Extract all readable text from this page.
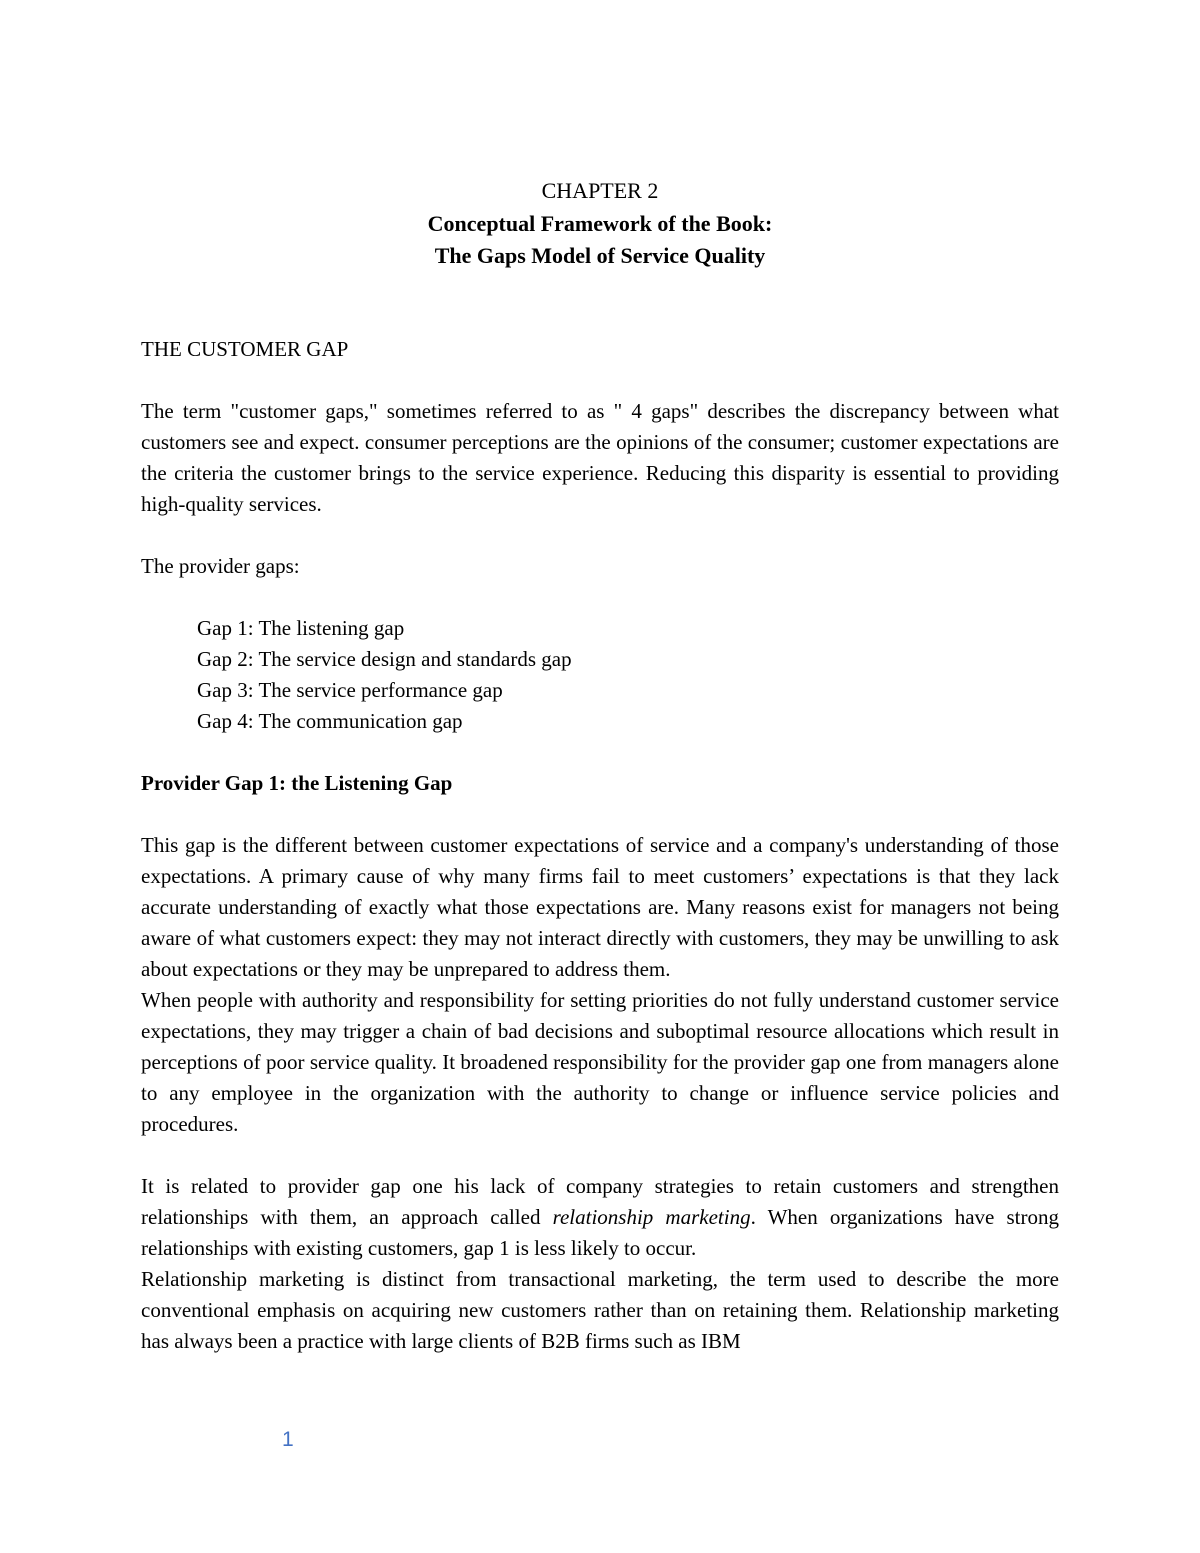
CHAPTER 2
Conceptual Framework of the Book:
The Gaps Model of Service Quality
THE CUSTOMER GAP

The term "customer gaps," sometimes referred to as " 4 gaps" describes the discrepancy between what customers see and expect. consumer perceptions are the opinions of the consumer; customer expectations are the criteria the customer brings to the service experience. Reducing this disparity is essential to providing high-quality services.

The provider gaps:

Gap 1: The listening gap
Gap 2: The service design and standards gap
Gap 3: The service performance gap
Gap 4: The communication gap
Provider Gap 1: the Listening Gap

This gap is the different between customer expectations of service and a company's understanding of those expectations. A primary cause of why many firms fail to meet customers’ expectations is that they lack accurate understanding of exactly what those expectations are. Many reasons exist for managers not being aware of what customers expect: they may not interact directly with customers, they may be unwilling to ask about expectations or they may be unprepared to address them.

When people with authority and responsibility for setting priorities do not fully understand customer service expectations, they may trigger a chain of bad decisions and suboptimal resource allocations which result in perceptions of poor service quality. It broadened responsibility for the provider gap one from managers alone to any employee in the organization with the authority to change or influence service policies and procedures.

It is related to provider gap one his lack of company strategies to retain customers and strengthen relationships with them, an approach called relationship marketing. When organizations have strong relationships with existing customers, gap 1 is less likely to occur.

Relationship marketing is distinct from transactional marketing, the term used to describe the more conventional emphasis on acquiring new customers rather than on retaining them. Relationship marketing has always been a practice with large clients of B2B firms such as IBM

1
